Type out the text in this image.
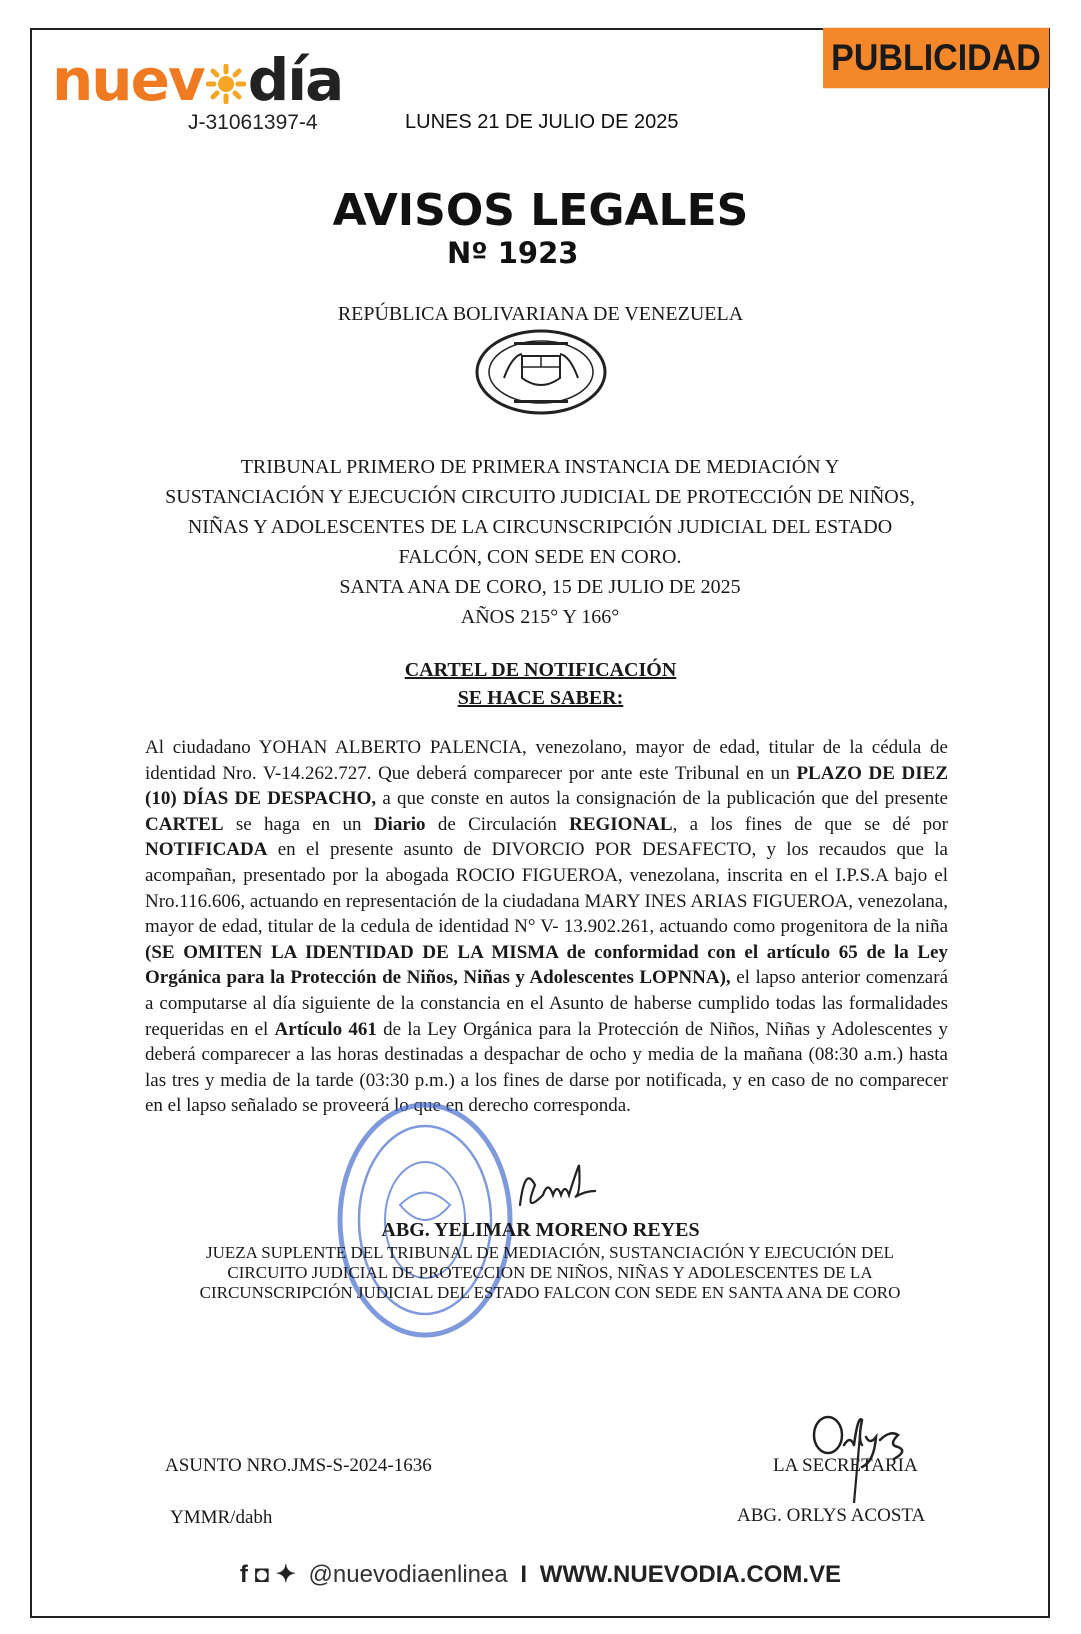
nuev día
J-31061397-4	LUNES 21 DE JULIO DE 2025
PUBLICIDAD
AVISOS LEGALES
Nº 1923
REPÚBLICA BOLIVARIANA DE VENEZUELA
TRIBUNAL PRIMERO DE PRIMERA INSTANCIA DE MEDIACIÓN Y
SUSTANCIACIÓN Y EJECUCIÓN CIRCUITO JUDICIAL DE PROTECCIÓN DE NIÑOS,
NIÑAS Y ADOLESCENTES DE LA CIRCUNSCRIPCIÓN JUDICIAL DEL ESTADO
FALCÓN, CON SEDE EN CORO.
SANTA ANA DE CORO, 15 DE JULIO DE 2025
AÑOS 215° Y 166°
CARTEL DE NOTIFICACIÓN
SE HACE SABER:
Al ciudadano YOHAN ALBERTO PALENCIA, venezolano, mayor de edad, titular de la cédula de identidad Nro. V-14.262.727. Que deberá comparecer por ante este Tribunal en un PLAZO DE DIEZ (10) DÍAS DE DESPACHO, a que conste en autos la consignación de la publicación que del presente CARTEL se haga en un Diario de Circulación REGIONAL, a los fines de que se dé por NOTIFICADA en el presente asunto de DIVORCIO POR DESAFECTO, y los recaudos que la acompañan, presentado por la abogada ROCIO FIGUEROA, venezolana, inscrita en el I.P.S.A bajo el Nro.116.606, actuando en representación de la ciudadana MARY INES ARIAS FIGUEROA, venezolana, mayor de edad, titular de la cedula de identidad N° V- 13.902.261, actuando como progenitora de la niña (SE OMITEN LA IDENTIDAD DE LA MISMA de conformidad con el artículo 65 de la Ley Orgánica para la Protección de Niños, Niñas y Adolescentes LOPNNA), el lapso anterior comenzará a computarse al día siguiente de la constancia en el Asunto de haberse cumplido todas las formalidades requeridas en el Artículo 461 de la Ley Orgánica para la Protección de Niños, Niñas y Adolescentes y deberá comparecer a las horas destinadas a despachar de ocho y media de la mañana (08:30 a.m.) hasta las tres y media de la tarde (03:30 p.m.) a los fines de darse por notificada, y en caso de no comparecer en el lapso señalado se proveerá lo que en derecho corresponda.
ABG. YELIMAR MORENO REYES
JUEZA SUPLENTE DEL TRIBUNAL DE MEDIACIÓN, SUSTANCIACIÓN Y EJECUCIÓN DEL
CIRCUITO JUDICIAL DE PROTECCION DE NIÑOS, NIÑAS Y ADOLESCENTES DE LA
CIRCUNSCRIPCIÓN JUDICIAL DEL ESTADO FALCON CON SEDE EN SANTA ANA DE CORO
ASUNTO NRO.JMS-S-2024-1636
YMMR/dabh
LA SECRETARIA
ABG. ORLYS ACOSTA
f ◘ ✦ @nuevodiaenlinea I WWW.NUEVODIA.COM.VE
